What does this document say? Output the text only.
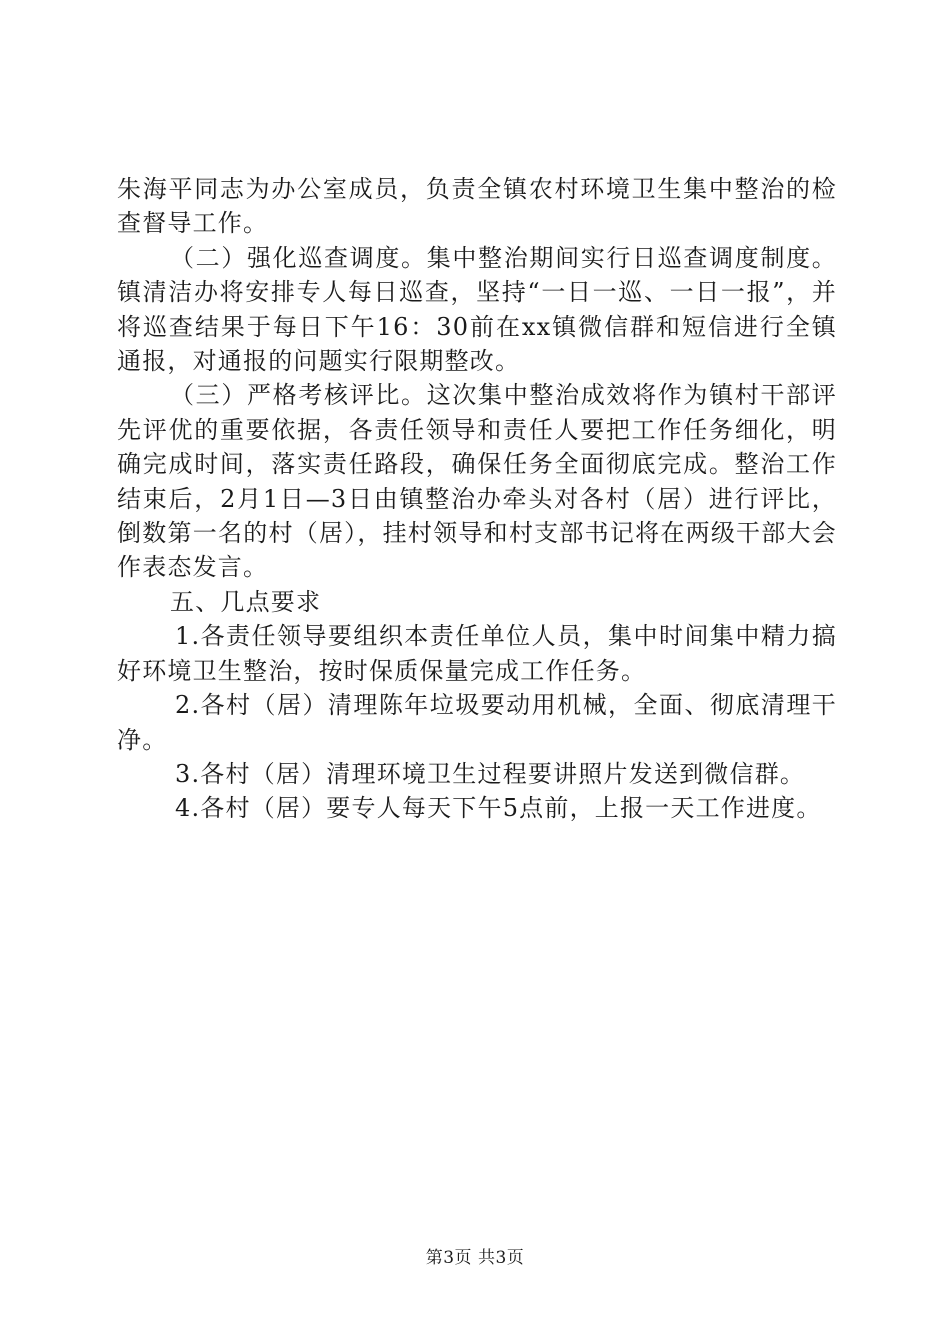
朱海平同志为办公室成员，负责全镇农村环境卫生集中整治的检查督导工作。

（二）强化巡查调度。集中整治期间实行日巡查调度制度。镇清洁办将安排专人每日巡查，坚持“一日一巡、一日一报”，并将巡查结果于每日下午16：30前在xx镇微信群和短信进行全镇通报，对通报的问题实行限期整改。

（三）严格考核评比。这次集中整治成效将作为镇村干部评先评优的重要依据，各责任领导和责任人要把工作任务细化，明确完成时间，落实责任路段，确保任务全面彻底完成。整治工作结束后，2月1日—3日由镇整治办牵头对各村（居）进行评比，倒数第一名的村（居），挂村领导和村支部书记将在两级干部大会作表态发言。

五、几点要求

1.各责任领导要组织本责任单位人员，集中时间集中精力搞好环境卫生整治，按时保质保量完成工作任务。

2.各村（居）清理陈年垃圾要动用机械，全面、彻底清理干净。

3.各村（居）清理环境卫生过程要讲照片发送到微信群。

4.各村（居）要专人每天下午5点前，上报一天工作进度。

第3页 共3页
